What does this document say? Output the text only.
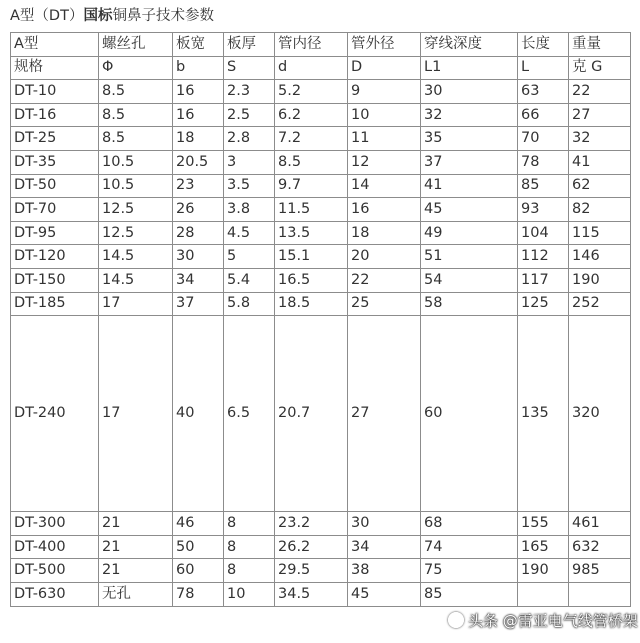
A型（DT）国标铜鼻子技术参数
A型	螺丝孔	板宽	板厚	管内径	管外径	穿线深度	长度	重量
规格	Φ	b	S	d	D	L1	L	克 G
DT-10	8.5	16	2.3	5.2	9	30	63	22
DT-16	8.5	16	2.5	6.2	10	32	66	27
DT-25	8.5	18	2.8	7.2	11	35	70	32
DT-35	10.5	20.5	3	8.5	12	37	78	41
DT-50	10.5	23	3.5	9.7	14	41	85	62
DT-70	12.5	26	3.8	11.5	16	45	93	82
DT-95	12.5	28	4.5	13.5	18	49	104	115
DT-120	14.5	30	5	15.1	20	51	112	146
DT-150	14.5	34	5.4	16.5	22	54	117	190
DT-185	17	37	5.8	18.5	25	58	125	252
DT-240	17	40	6.5	20.7	27	60	135	320
DT-300	21	46	8	23.2	30	68	155	461
DT-400	21	50	8	26.2	34	74	165	632
DT-500	21	60	8	29.5	38	75	190	985
DT-630	无孔	78	10	34.5	45	85		
头条 @雷亚电气线管桥架
